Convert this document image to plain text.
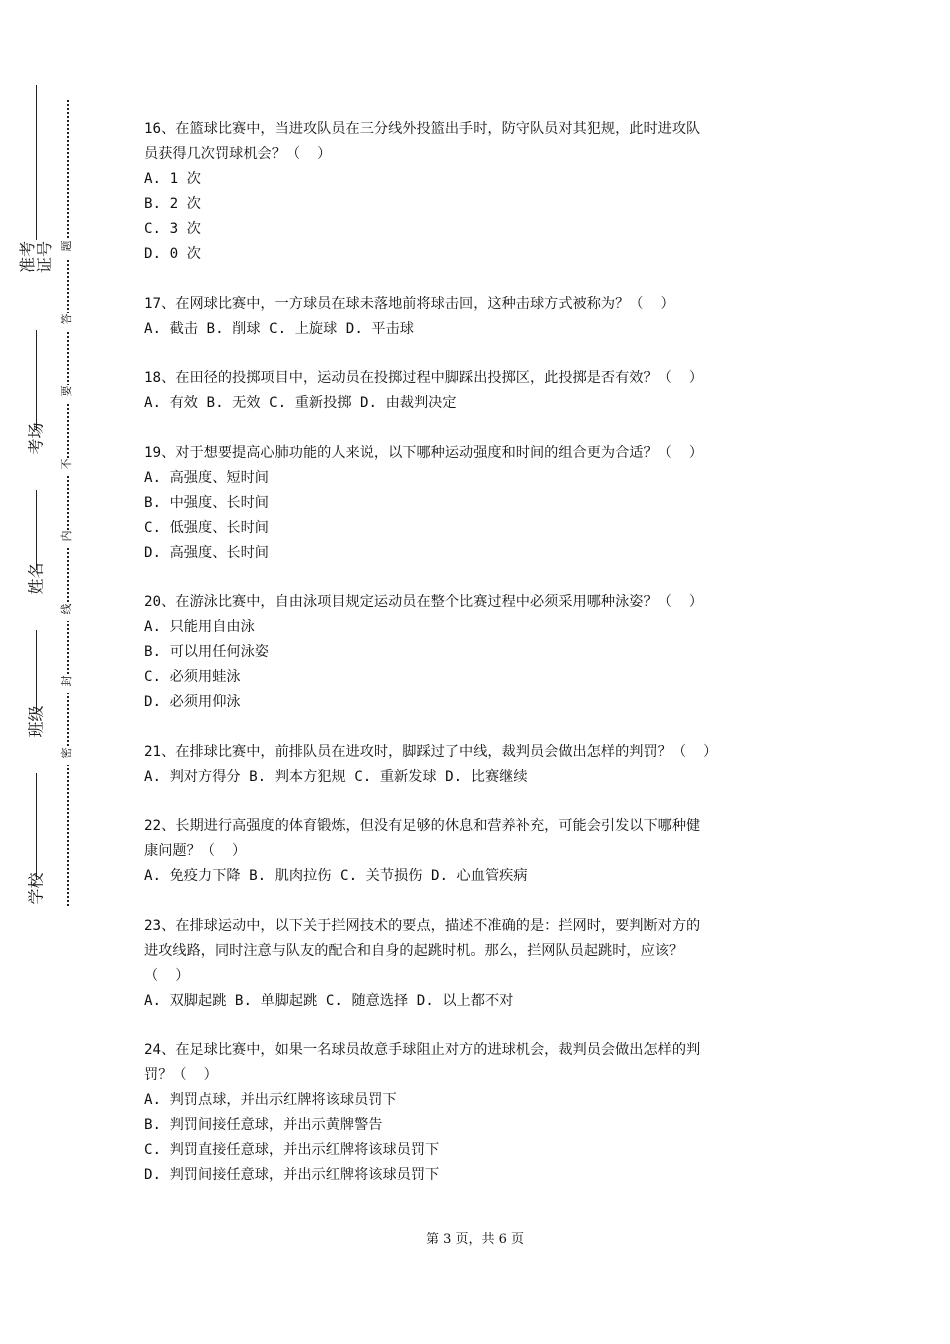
准考证号
考场
姓名
班级
学校
题
答
要
不
内
线
封
密

16、在篮球比赛中，当进攻队员在三分线外投篮出手时，防守队员对其犯规，此时进攻队

员获得几次罚球机会？（  ）

A. 1 次

B. 2 次

C. 3 次

D. 0 次

17、在网球比赛中，一方球员在球未落地前将球击回，这种击球方式被称为？（  ）

A. 截击 B. 削球 C. 上旋球 D. 平击球

18、在田径的投掷项目中，运动员在投掷过程中脚踩出投掷区，此投掷是否有效？（  ）

A. 有效 B. 无效 C. 重新投掷 D. 由裁判决定

19、对于想要提高心肺功能的人来说，以下哪种运动强度和时间的组合更为合适？（  ）

A. 高强度、短时间

B. 中强度、长时间

C. 低强度、长时间

D. 高强度、长时间

20、在游泳比赛中，自由泳项目规定运动员在整个比赛过程中必须采用哪种泳姿？（  ）

A. 只能用自由泳

B. 可以用任何泳姿

C. 必须用蛙泳

D. 必须用仰泳

21、在排球比赛中，前排队员在进攻时，脚踩过了中线，裁判员会做出怎样的判罚？（  ）

A. 判对方得分 B. 判本方犯规 C. 重新发球 D. 比赛继续

22、长期进行高强度的体育锻炼，但没有足够的休息和营养补充，可能会引发以下哪种健

康问题？（  ）

A. 免疫力下降 B. 肌肉拉伤 C. 关节损伤 D. 心血管疾病

23、在排球运动中，以下关于拦网技术的要点，描述不准确的是：拦网时，要判断对方的

进攻线路，同时注意与队友的配合和自身的起跳时机。那么，拦网队员起跳时，应该？

（  ）

A. 双脚起跳 B. 单脚起跳 C. 随意选择 D. 以上都不对

24、在足球比赛中，如果一名球员故意手球阻止对方的进球机会，裁判员会做出怎样的判

罚？（  ）

A. 判罚点球，并出示红牌将该球员罚下

B. 判罚间接任意球，并出示黄牌警告

C. 判罚直接任意球，并出示红牌将该球员罚下

D. 判罚间接任意球，并出示红牌将该球员罚下

第 3 页，共 6 页
